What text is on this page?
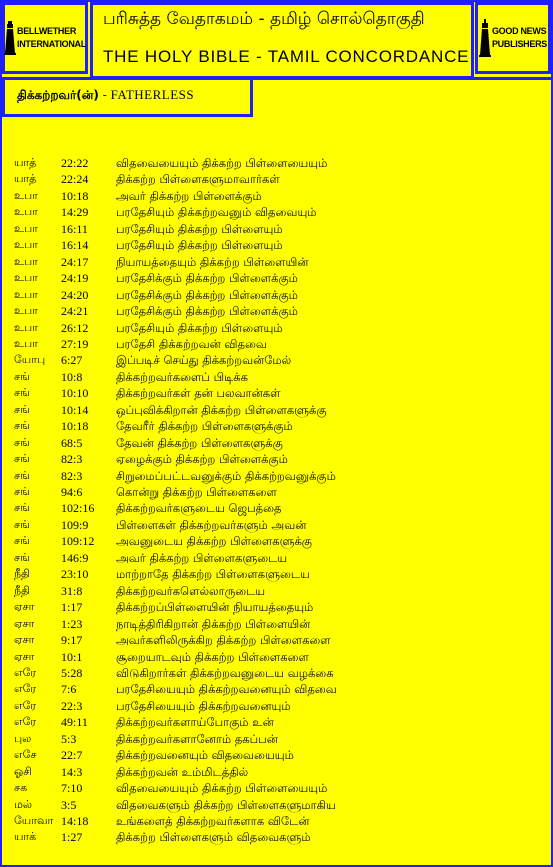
BELLWETHER
INTERNATIONAL
பரிசுத்த வேதாகமம் - தமிழ் சொல்தொகுதி
THE HOLY BIBLE - TAMIL CONCORDANCE
GOOD NEWS
PUBLISHERS
திக்கற்றவர்(ன்) - FATHERLESS
யாத் 22:22 விதவையையும் திக்கற்ற பிள்ளையையும்
யாத் 22:24 திக்கற்ற பிள்ளைகளுமாவார்கள்
உபா 10:18 அவர் திக்கற்ற பிள்ளைக்கும்
உபா 14:29 பரதேசியும் திக்கற்றவனும் விதவையும்
உபா 16:11 பரதேசியும் திக்கற்ற பிள்ளையும்
உபா 16:14 பரதேசியும் திக்கற்ற பிள்ளையும்
உபா 24:17 நியாயத்தையும் திக்கற்ற பிள்ளையின்
உபா 24:19 பரதேசிக்கும் திக்கற்ற பிள்ளைக்கும்
உபா 24:20 பரதேசிக்கும் திக்கற்ற பிள்ளைக்கும்
உபா 24:21 பரதேசிக்கும் திக்கற்ற பிள்ளைக்கும்
உபா 26:12 பரதேசியும் திக்கற்ற பிள்ளையும்
உபா 27:19 பரதேசி திக்கற்றவன் விதவை
யோபு 6:27	இப்படிச் செய்து திக்கற்றவன்மேல்
சங்	10:8	திக்கற்றவர்களைப் பிடிக்க
சங்	10:10 திக்கற்றவர்கள் தன் பலவான்கள்
சங்	10:14 ஒப்புவிக்கிறான் திக்கற்ற பிள்ளைகளுக்கு
சங்	10:18 தேவரீர் திக்கற்ற பிள்ளைகளுக்கும்
சங்	68:5	தேவன் திக்கற்ற பிள்ளைகளுக்கு
சங்	82:3	ஏழைக்கும் திக்கற்ற பிள்ளைக்கும்
சங்	82:3	சிறுமைப்பட்டவனுக்கும் திக்கற்றவனுக்கும்
சங்	94:6	கொன்று திக்கற்ற பிள்ளைகளை
சங்	102:16 திக்கற்றவர்களுடைய ஜெபத்தை
சங்	109:9 பிள்ளைகள் திக்கற்றவர்களும் அவன்
சங்	109:12 அவனுடைய திக்கற்ற பிள்ளைகளுக்கு
சங்	146:9 அவர் திக்கற்ற பிள்ளைகளுடைய
நீதி	23:10 மாற்றாதே திக்கற்ற பிள்ளைகளுடைய
நீதி	31:8	திக்கற்றவர்களெல்லாருடைய
ஏசா 1:17	திக்கற்றப்பிள்ளையின் நியாயத்தையும்
ஏசா 1:23	நாடித்திரிகிறான் திக்கற்ற பிள்ளையின்
ஏசா 9:17	அவர்களிலிருக்கிற திக்கற்ற பிள்ளைகளை
ஏசா 10:1	சூறையாடவும் திக்கற்ற பிள்ளைகளை
எரே 5:28	விடுகிறார்கள் திக்கற்றவனுடைய வழக்கை
எரே 7:6	பரதேசியையும் திக்கற்றவனையும் விதவை
எரே 22:3	பரதேசியையும் திக்கற்றவனையும்
எரே 49:11 திக்கற்றவர்களாய்போகும் உன்
புல 5:3	திக்கற்றவர்களானோம் தகப்பன்
எசே 22:7	திக்கற்றவனையும் விதவையையும்
ஓசி 14:3	திக்கற்றவன் உம்மிடத்தில்
சக	7:10	விதவையையும் திக்கற்ற பிள்ளையையும்
மல் 3:5	விதவைகளும் திக்கற்ற பிள்ளைகளுமாகிய
யோவா 14:18 உங்களைத் திக்கற்றவர்களாக விடேன்
யாக் 1:27	திக்கற்ற பிள்ளைகளும் விதவைகளும்
